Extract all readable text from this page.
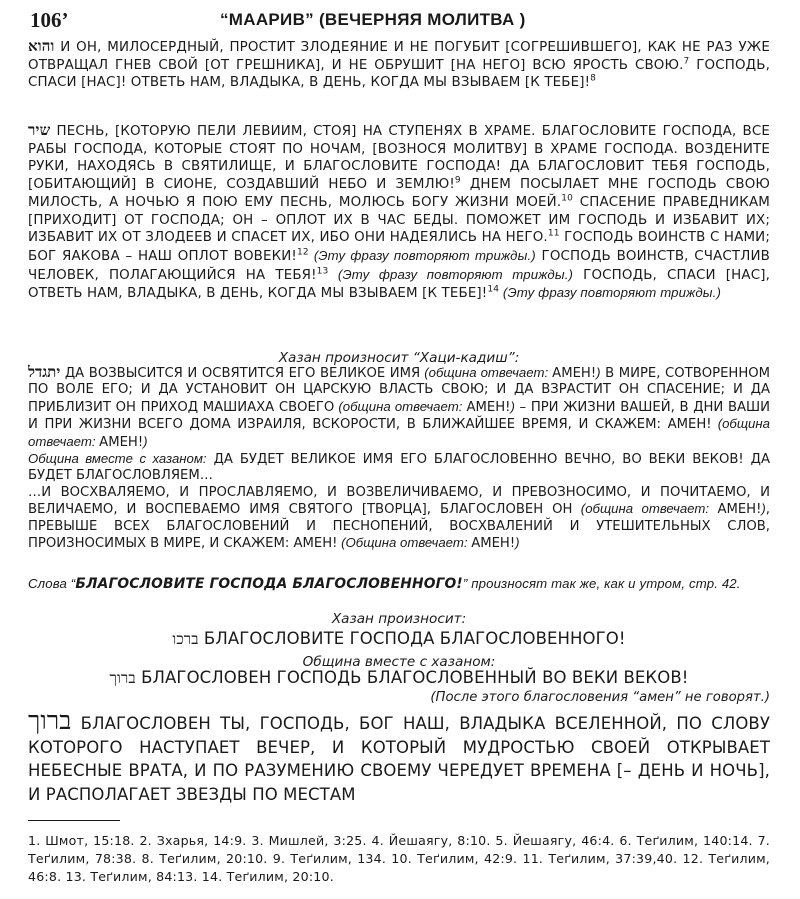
106’	“МААРИВ” (ВЕЧЕРНЯЯ МОЛИТВА )
והוא И ОН, МИЛОСЕРДНЫЙ, ПРОСТИТ ЗЛОДЕЯНИЕ И НЕ ПОГУБИТ [СОГРЕШИВШЕГО], КАК НЕ РАЗ УЖЕ ОТВРАЩАЛ ГНЕВ СВОЙ [ОТ ГРЕШНИКА], И НЕ ОБРУШИТ [НА НЕГО] ВСЮ ЯРОСТЬ СВОЮ.$^7$ ГОСПОДЬ, СПАСИ [НАС]! ОТВЕТЬ НАМ, ВЛАДЫКА, В ДЕНЬ, КОГДА МЫ ВЗЫВАЕМ [К ТЕБЕ]!$^8$
שיר ПЕСНЬ, [КОТОРУЮ ПЕЛИ ЛЕВИИМ, СТОЯ] НА СТУПЕНЯХ В ХРАМЕ. БЛАГОСЛОВИТЕ ГОСПОДА, ВСЕ РАБЫ ГОСПОДА, КОТОРЫЕ СТОЯТ ПО НОЧАМ, [ВОЗНОСЯ МОЛИТВУ] В ХРАМЕ ГОСПОДА. ВОЗДЕНИТЕ РУКИ, НАХОДЯСЬ В СВЯТИЛИЩЕ, И БЛАГОСЛОВИТЕ ГОСПОДА! ДА БЛАГОСЛОВИТ ТЕБЯ ГОСПОДЬ, [ОБИТАЮЩИЙ] В СИОНЕ, СОЗДАВШИЙ НЕБО И ЗЕМЛЮ!$^9$ ДНЕМ ПОСЫЛАЕТ МНЕ ГОСПОДЬ СВОЮ МИЛОСТЬ, А НОЧЬЮ Я ПОЮ ЕМУ ПЕСНЬ, МОЛЮСЬ БОГУ ЖИЗНИ МОЕЙ.$^{10}$ СПАСЕНИЕ ПРАВЕДНИКАМ [ПРИХОДИТ] ОТ ГОСПОДА; ОН – ОПЛОТ ИХ В ЧАС БЕДЫ. ПОМОЖЕТ ИМ ГОСПОДЬ И ИЗБАВИТ ИХ; ИЗБАВИТ ИХ ОТ ЗЛОДЕЕВ И СПАСЕТ ИХ, ИБО ОНИ НАДЕЯЛИСЬ НА НЕГО.$^{11}$ ГОСПОДЬ ВОИНСТВ С НАМИ; БОГ ЯАКОВА – НАШ ОПЛОТ ВОВЕКИ!$^{12}$ (Эту фразу повторяют трижды.) ГОСПОДЬ ВОИНСТВ, СЧАСТЛИВ ЧЕЛОВЕК, ПОЛАГАЮЩИЙСЯ НА ТЕБЯ!$^{13}$ (Эту фразу повторяют трижды.) ГОСПОДЬ, СПАСИ [НАС], ОТВЕТЬ НАМ, ВЛАДЫКА, В ДЕНЬ, КОГДА МЫ ВЗЫВАЕМ [К ТЕБЕ]!$^{14}$ (Эту фразу повторяют трижды.)
Хазан произносит “Хаци-кадиш”:
יתגדל ДА ВОЗВЫСИТСЯ И ОСВЯТИТСЯ ЕГО ВЕЛИКОЕ ИМЯ (община отвечает: АМЕН!) В МИРЕ, СОТВОРЕННОМ ПО ВОЛЕ ЕГО; И ДА УСТАНОВИТ ОН ЦАРСКУЮ ВЛАСТЬ СВОЮ; И ДА ВЗРАСТИТ ОН СПАСЕНИЕ; И ДА ПРИБЛИЗИТ ОН ПРИХОД МАШИАХА СВОЕГО (община отвечает: АМЕН!) – ПРИ ЖИЗНИ ВАШЕЙ, В ДНИ ВАШИ И ПРИ ЖИЗНИ ВСЕГО ДОМА ИЗРАИЛЯ, ВСКОРОСТИ, В БЛИЖАЙШЕЕ ВРЕМЯ, И СКАЖЕМ: АМЕН! (община отвечает: АМЕН!)
Община вместе с хазаном: ДА БУДЕТ ВЕЛИКОЕ ИМЯ ЕГО БЛАГОСЛОВЕННО ВЕЧНО, ВО ВЕКИ ВЕКОВ! ДА БУДЕТ БЛАГОСЛОВЛЯЕМ…
…И ВОСХВАЛЯЕМО, И ПРОСЛАВЛЯЕМО, И ВОЗВЕЛИЧИВАЕМО, И ПРЕВОЗНОСИМО, И ПОЧИТАЕМО, И ВЕЛИЧАЕМО, И ВОСПЕВАЕМО ИМЯ СВЯТОГО [ТВОРЦА], БЛАГОСЛОВЕН ОН (община отвечает: АМЕН!), ПРЕВЫШЕ ВСЕХ БЛАГОСЛОВЕНИЙ И ПЕСНОПЕНИЙ, ВОСХВАЛЕНИЙ И УТЕШИТЕЛЬНЫХ СЛОВ, ПРОИЗНОСИМЫХ В МИРЕ, И СКАЖЕМ: АМЕН! (Община отвечает: АМЕН!)
Слова “БЛАГОСЛОВИТЕ ГОСПОДА БЛАГОСЛОВЕННОГО!” произносят так же, как и утром, стр. 42.
Хазан произносит:
ברכו БЛАГОСЛОВИТЕ ГОСПОДА БЛАГОСЛОВЕННОГО!
Община вместе с хазаном:
ברוך БЛАГОСЛОВЕН ГОСПОДЬ БЛАГОСЛОВЕННЫЙ ВО ВЕКИ ВЕКОВ!
(После этого благословения “амен” не говорят.)
ברוך БЛАГОСЛОВЕН ТЫ, ГОСПОДЬ, БОГ НАШ, ВЛАДЫКА ВСЕЛЕННОЙ, ПО СЛОВУ КОТОРОГО НАСТУПАЕТ ВЕЧЕР, И КОТОРЫЙ МУДРОСТЬЮ СВОЕЙ ОТКРЫВАЕТ НЕБЕСНЫЕ ВРАТА, И ПО РАЗУМЕНИЮ СВОЕМУ ЧЕРЕДУЕТ ВРЕМЕНА [– ДЕНЬ И НОЧЬ], И РАСПОЛАГАЕТ ЗВЕЗДЫ ПО МЕСТАМ
1. Шмот, 15:18. 2. Зхарья, 14:9. 3. Мишлей, 3:25. 4. Йешаягу, 8:10. 5. Йешаягу, 46:4. 6. Теґилим, 140:14. 7. Теґилим, 78:38. 8. Теґилим, 20:10. 9. Теґилим, 134. 10. Теґилим, 42:9. 11. Теґилим, 37:39,40. 12. Теґилим, 46:8. 13. Теґилим, 84:13. 14. Теґилим, 20:10.
